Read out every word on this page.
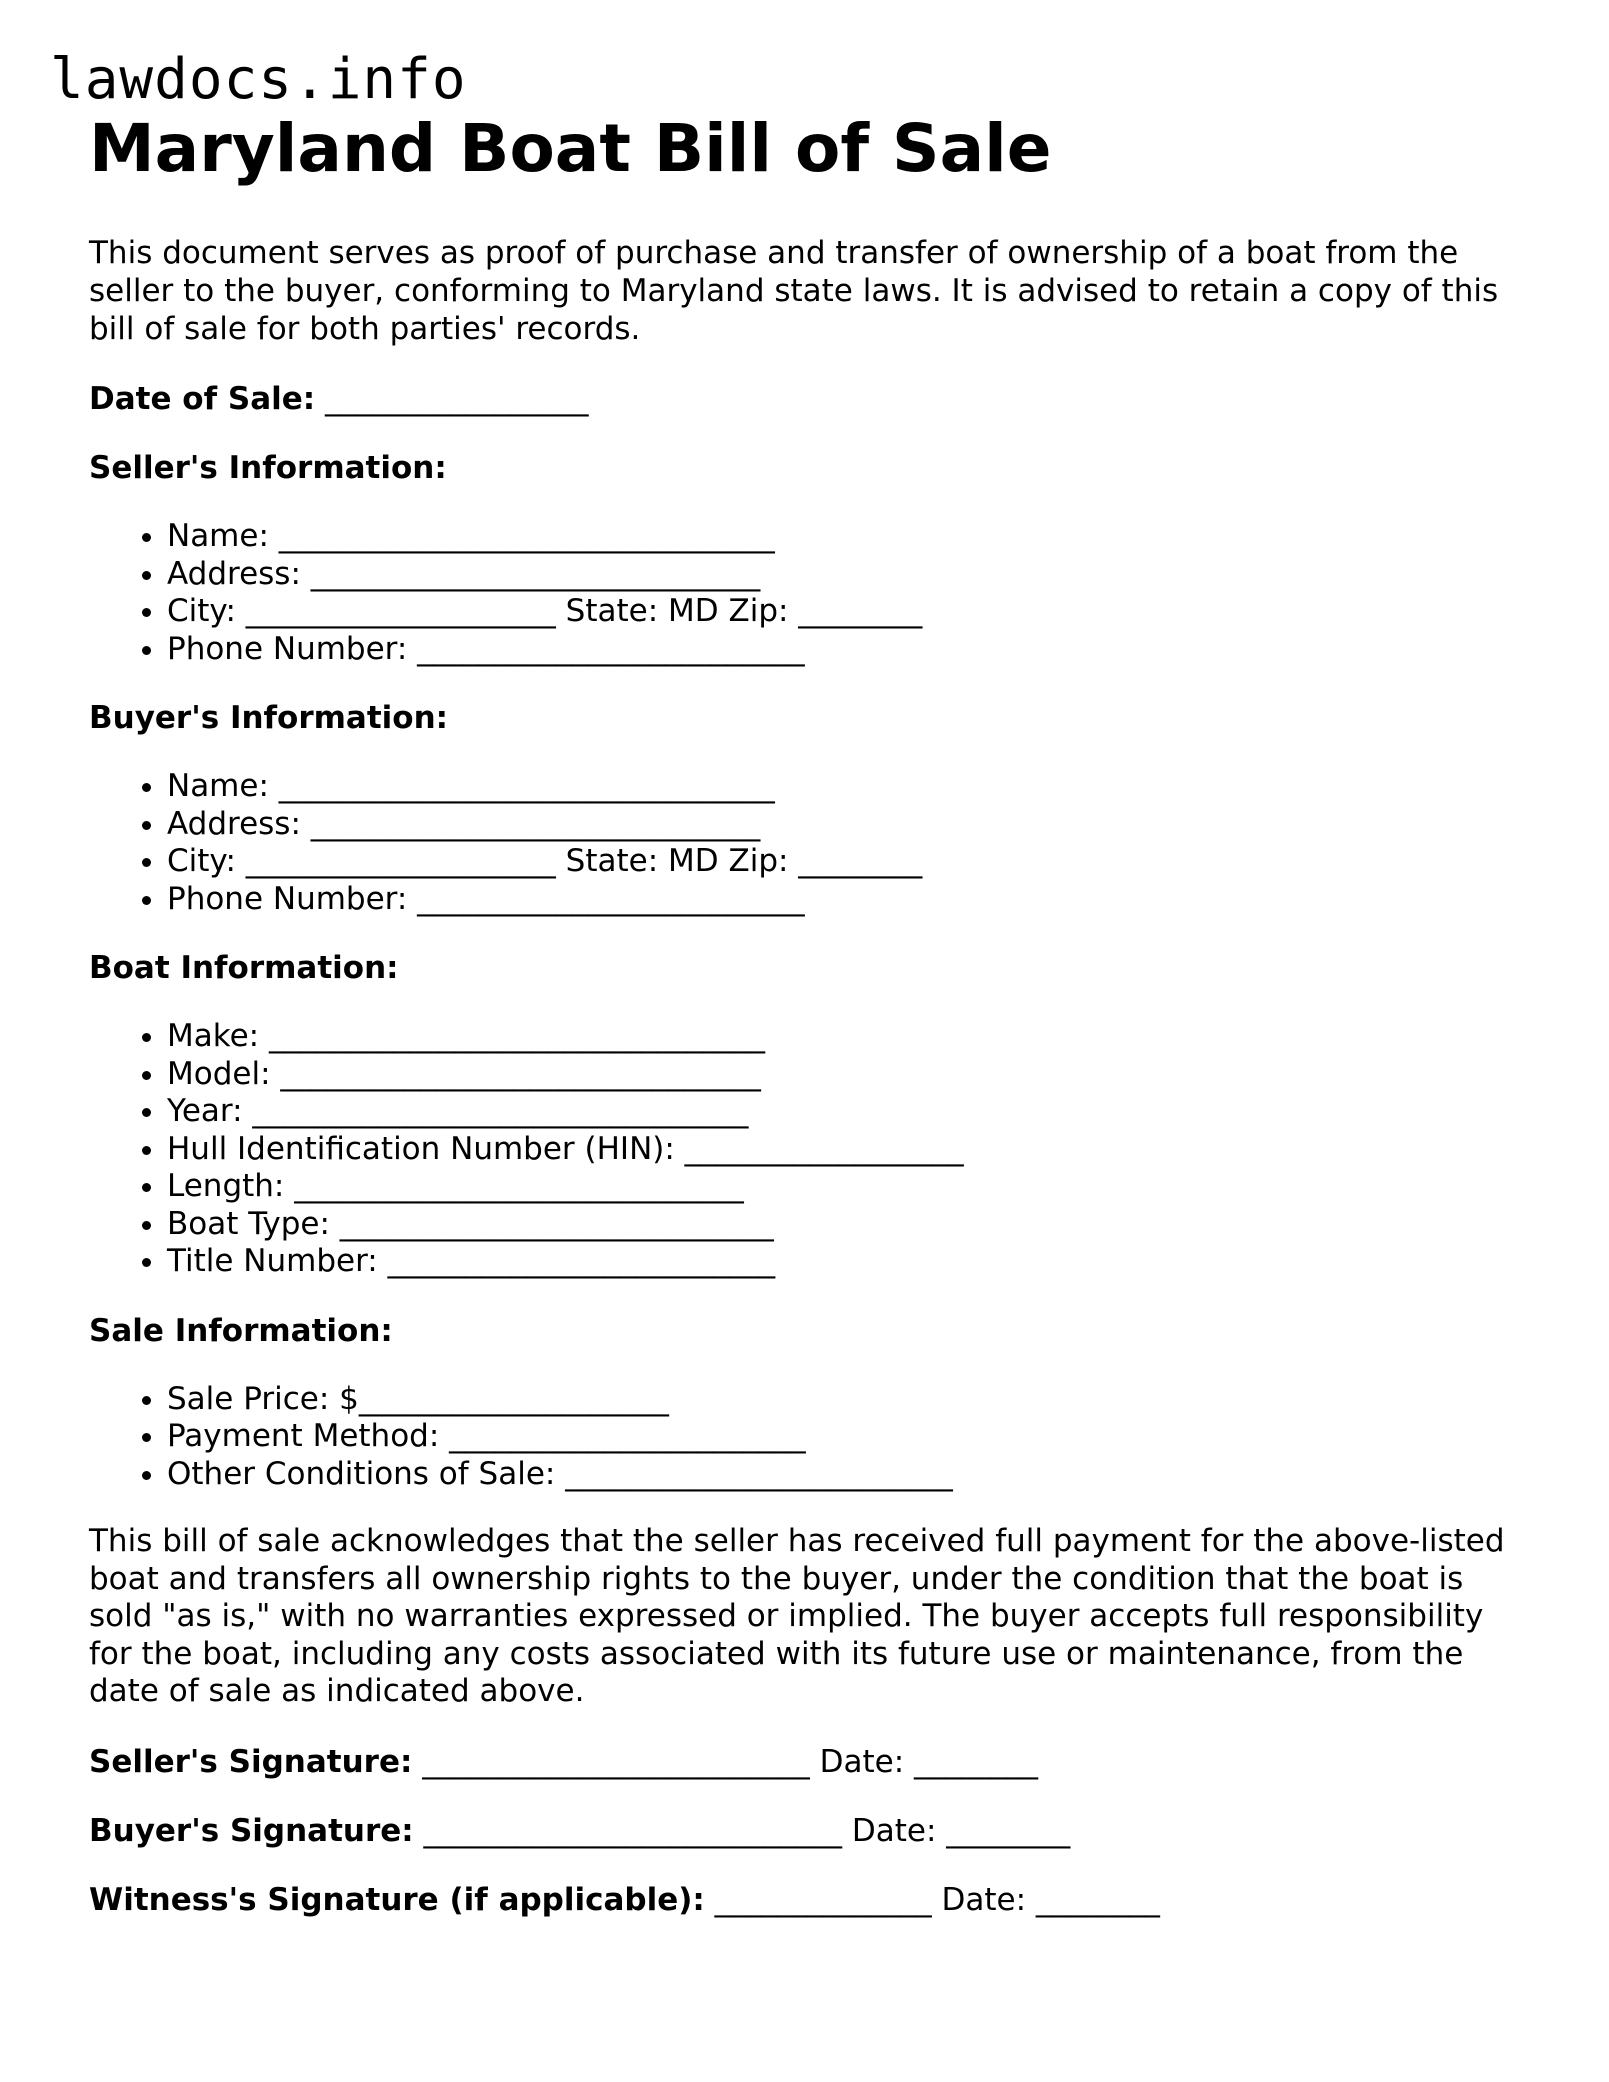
lawdocs.info
Maryland Boat Bill of Sale

This document serves as proof of purchase and transfer of ownership of a boat from the seller to the buyer, conforming to Maryland state laws. It is advised to retain a copy of this bill of sale for both parties' records.

Date of Sale: _________________

Seller's Information:
• Name: ________________________________
• Address: _____________________________
• City: ____________________ State: MD Zip: ________
• Phone Number: _________________________
Buyer's Information:
• Name: ________________________________
• Address: _____________________________
• City: ____________________ State: MD Zip: ________
• Phone Number: _________________________
Boat Information:
• Make: ________________________________
• Model: _______________________________
• Year: ________________________________
• Hull Identification Number (HIN): __________________
• Length: _____________________________
• Boat Type: ____________________________
• Title Number: _________________________
Sale Information:
• Sale Price: $____________________
• Payment Method: _______________________
• Other Conditions of Sale: _________________________

This bill of sale acknowledges that the seller has received full payment for the above-listed boat and transfers all ownership rights to the buyer, under the condition that the boat is sold "as is," with no warranties expressed or implied. The buyer accepts full responsibility for the boat, including any costs associated with its future use or maintenance, from the date of sale as indicated above.

Seller's Signature: _________________________ Date: ________

Buyer's Signature: ___________________________ Date: ________

Witness's Signature (if applicable): ______________ Date: ________
